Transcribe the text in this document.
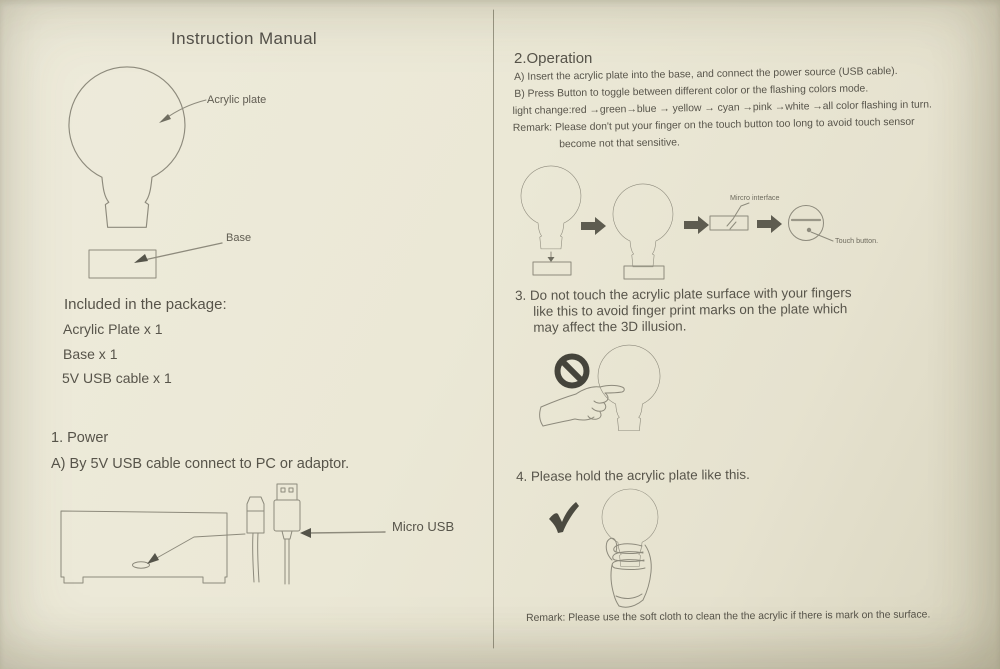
Instruction Manual
Acrylic plate
Base
Included in the package:
Acrylic Plate x 1
Base x 1
5V USB cable x 1
1. Power
A) By 5V USB cable connect to PC or adaptor.
Micro USB
2.Operation
A) Insert the acrylic plate into the base, and connect the power source (USB cable).
B) Press Button to toggle between different color or the flashing colors mode.
light change:red →green→blue → yellow → cyan →pink →white →all color flashing in turn.
Remark: Please don't put your finger on the touch button too long to avoid touch sensor
become not that sensitive.
Mircro interface
Touch button.
3. Do not touch the acrylic plate surface with your fingers
like this to avoid finger print marks on the plate which
may affect the 3D illusion.
4. Please hold the acrylic plate like this.
Remark: Please use the soft cloth to clean the the acrylic if there is mark on the surface.
